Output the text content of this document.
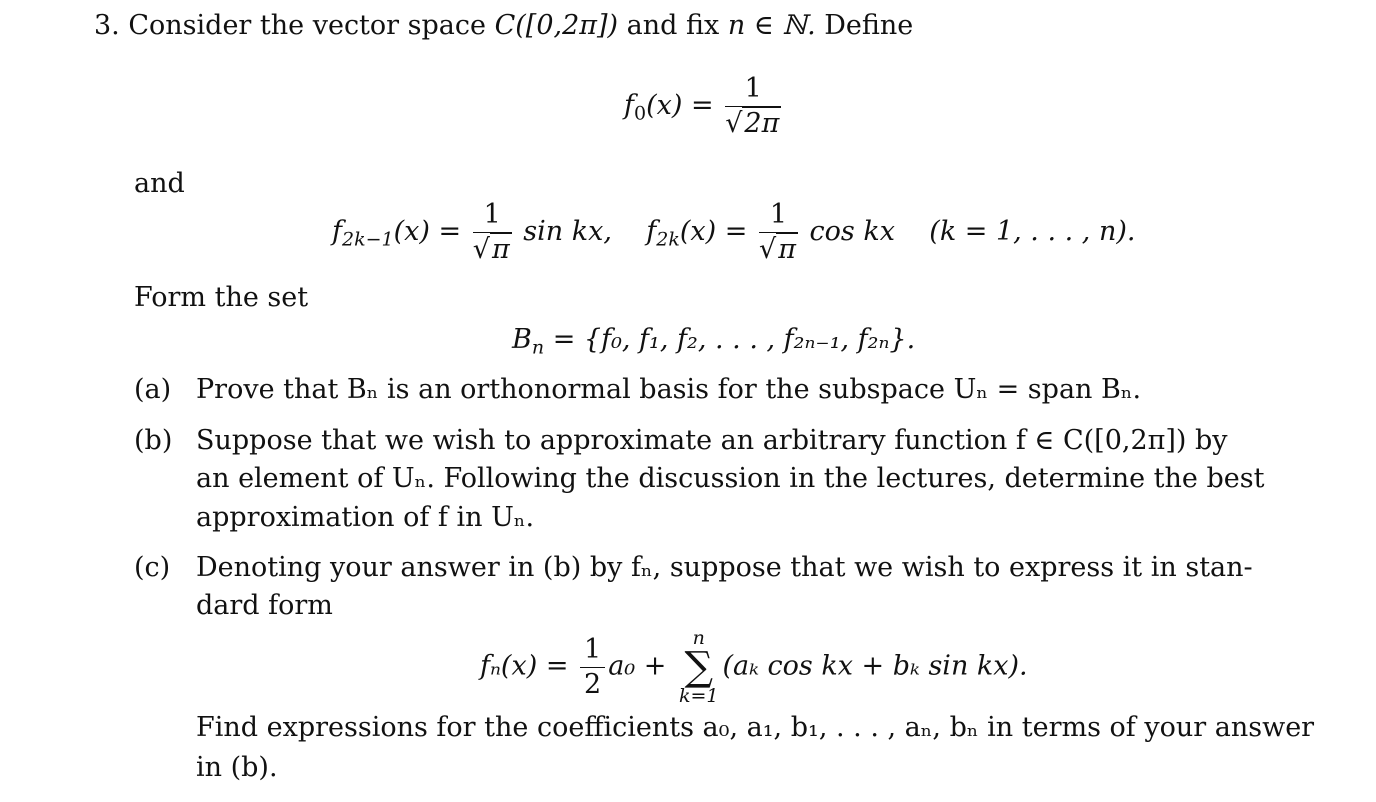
3. Consider the vector space C([0,2π]) and fix n ∈ ℕ. Define
$f_0(x) = \frac{1}{√2\pi}$
and
$f_{2k-1}(x) = \frac{1}{√\pi}$ sin kx, $f_{2k}(x) = \frac{1}{√\pi}$ cos kx (k = 1, . . . , n).
Form the set
$B_n = \{f_0$, f₁, f₂, . . . , f₂ₙ₋₁, f₂ₙ}.
(a) Prove that Bₙ is an orthonormal basis for the subspace Uₙ = span Bₙ.
(b) Suppose that we wish to approximate an arbitrary function f ∈ C([0,2π]) by
an element of Uₙ. Following the discussion in the lectures, determine the best
approximation of f in Uₙ.
(c) Denoting your answer in (b) by fₙ, suppose that we wish to express it in stan-
dard form
$f_n(x) = \frac{1}{2} a_0$ +
n
∑
k=1
(aₖ cos kx + bₖ sin kx).
Find expressions for the coefficients a₀, a₁, b₁, . . . , aₙ, bₙ in terms of your answer
in (b).
